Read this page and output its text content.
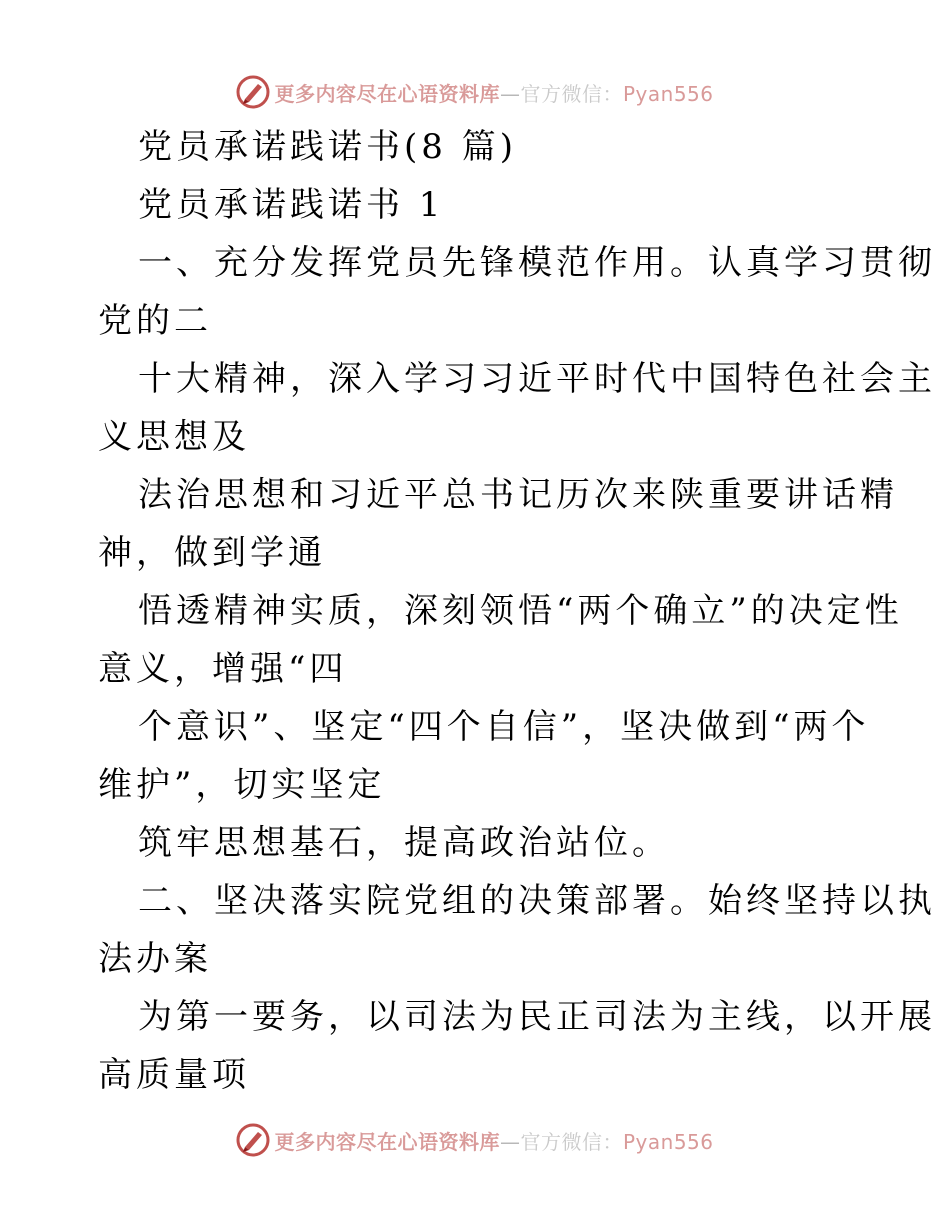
更多内容尽在心语资料库—官方微信：Pyan556
党员承诺践诺书(8 篇)
党员承诺践诺书 1
一、充分发挥党员先锋模范作用。认真学习贯彻
党的二
十大精神，深入学习习近平时代中国特色社会主
义思想及
法治思想和习近平总书记历次来陕重要讲话精
神，做到学通
悟透精神实质，深刻领悟“两个确立”的决定性
意义，增强“四
个意识”、坚定“四个自信”，坚决做到“两个
维护”，切实坚定
筑牢思想基石，提高政治站位。
二、坚决落实院党组的决策部署。始终坚持以执
法办案
为第一要务，以司法为民正司法为主线，以开展
高质量项
更多内容尽在心语资料库—官方微信：Pyan556
